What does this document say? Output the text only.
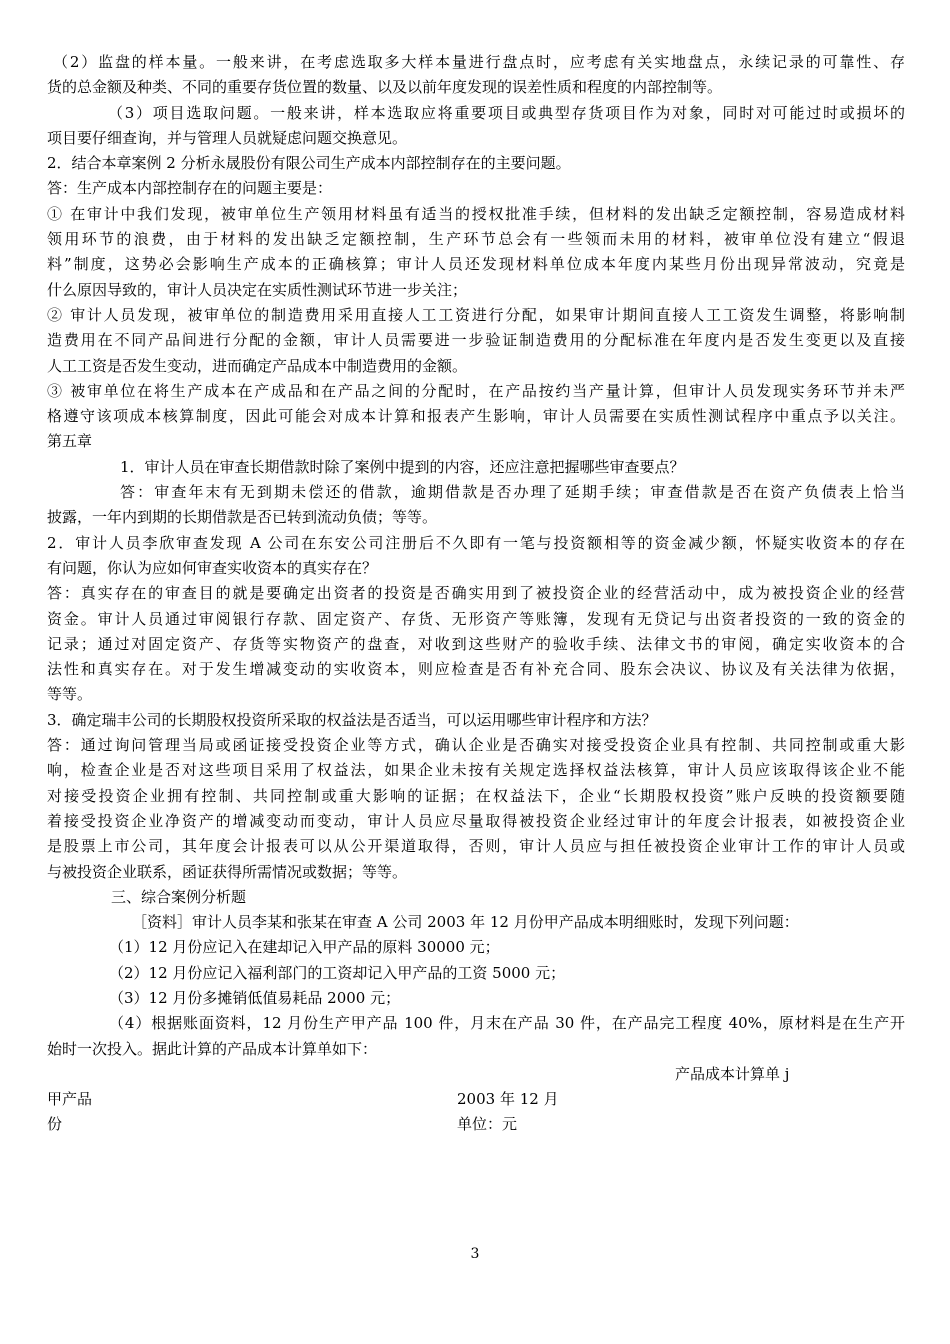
（2）监盘的样本量。一般来讲，在考虑选取多大样本量进行盘点时，应考虑有关实地盘点，永续记录的可靠性、存
货的总金额及种类、不同的重要存货位置的数量、以及以前年度发现的误差性质和程度的内部控制等。
（3）项目选取问题。一般来讲，样本选取应将重要项目或典型存货项目作为对象，同时对可能过时或损坏的
项目要仔细查询，并与管理人员就疑虑问题交换意见。
2．结合本章案例 2 分析永晟股份有限公司生产成本内部控制存在的主要问题。
答：生产成本内部控制存在的问题主要是：
① 在审计中我们发现，被审单位生产领用材料虽有适当的授权批准手续，但材料的发出缺乏定额控制，容易造成材料
领用环节的浪费，由于材料的发出缺乏定额控制，生产环节总会有一些领而未用的材料，被审单位没有建立“假退
料”制度，这势必会影响生产成本的正确核算；审计人员还发现材料单位成本年度内某些月份出现异常波动，究竟是
什么原因导致的，审计人员决定在实质性测试环节进一步关注；
② 审计人员发现，被审单位的制造费用采用直接人工工资进行分配，如果审计期间直接人工工资发生调整，将影响制
造费用在不同产品间进行分配的金额，审计人员需要进一步验证制造费用的分配标准在年度内是否发生变更以及直接
人工工资是否发生变动，进而确定产品成本中制造费用的金额。
③ 被审单位在将生产成本在产成品和在产品之间的分配时，在产品按约当产量计算，但审计人员发现实务环节并未严
格遵守该项成本核算制度，因此可能会对成本计算和报表产生影响，审计人员需要在实质性测试程序中重点予以关注。
第五章
1．审计人员在审查长期借款时除了案例中提到的内容，还应注意把握哪些审查要点？
答：审查年末有无到期未偿还的借款，逾期借款是否办理了延期手续；审查借款是否在资产负债表上恰当
披露，一年内到期的长期借款是否已转到流动负债；等等。
2．审计人员李欣审查发现 A 公司在东安公司注册后不久即有一笔与投资额相等的资金减少额，怀疑实收资本的存在
有问题，你认为应如何审查实收资本的真实存在？
答：真实存在的审查目的就是要确定出资者的投资是否确实用到了被投资企业的经营活动中，成为被投资企业的经营
资金。审计人员通过审阅银行存款、固定资产、存货、无形资产等账簿，发现有无贷记与出资者投资的一致的资金的
记录；通过对固定资产、存货等实物资产的盘查，对收到这些财产的验收手续、法律文书的审阅，确定实收资本的合
法性和真实存在。对于发生增减变动的实收资本，则应检查是否有补充合同、股东会决议、协议及有关法律为依据，
等等。
3．确定瑞丰公司的长期股权投资所采取的权益法是否适当，可以运用哪些审计程序和方法？
答：通过询问管理当局或函证接受投资企业等方式，确认企业是否确实对接受投资企业具有控制、共同控制或重大影
响，检查企业是否对这些项目采用了权益法，如果企业未按有关规定选择权益法核算，审计人员应该取得该企业不能
对接受投资企业拥有控制、共同控制或重大影响的证据；在权益法下，企业“长期股权投资”账户反映的投资额要随
着接受投资企业净资产的增减变动而变动，审计人员应尽量取得被投资企业经过审计的年度会计报表，如被投资企业
是股票上市公司，其年度会计报表可以从公开渠道取得，否则，审计人员应与担任被投资企业审计工作的审计人员或
与被投资企业联系，函证获得所需情况或数据；等等。
三、综合案例分析题
［资料］审计人员李某和张某在审查 A 公司 2003 年 12 月份甲产品成本明细账时，发现下列问题：
（1）12 月份应记入在建却记入甲产品的原料 30000 元；
（2）12 月份应记入福利部门的工资却记入甲产品的工资 5000 元；
（3）12 月份多摊销低值易耗品 2000 元；
（4）根据账面资料，12 月份生产甲产品 100 件，月末在产品 30 件，在产品完工程度 40%，原材料是在生产开
始时一次投入。据此计算的产品成本计算单如下：
产品成本计算单 j
甲产品	2003 年 12 月
份	单位：元
3
